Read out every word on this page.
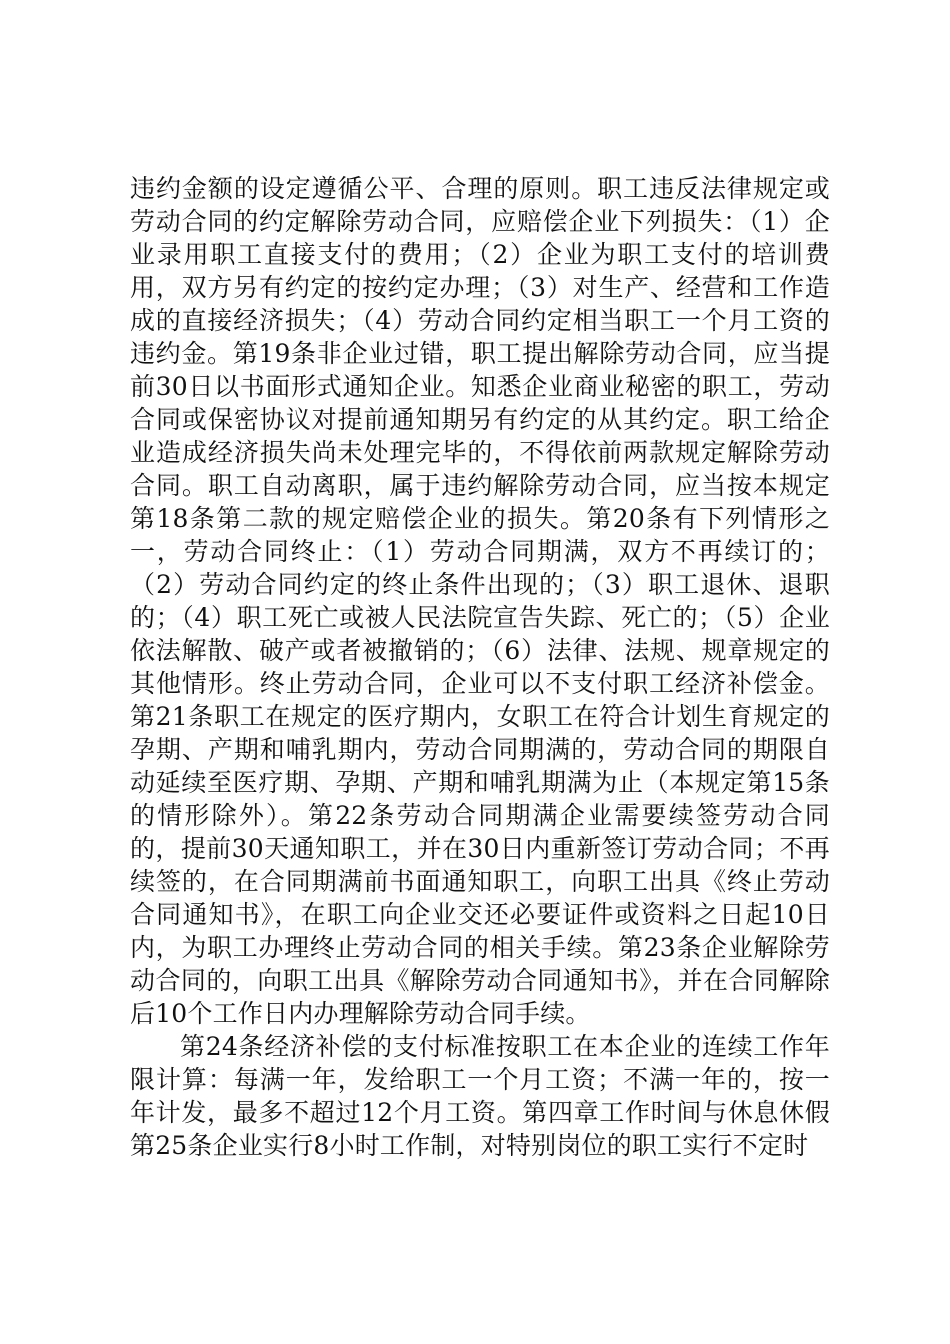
违约金额的设定遵循公平、合理的原则。职工违反法律规定或劳动合同的约定解除劳动合同，应赔偿企业下列损失：（1）企业录用职工直接支付的费用；（2）企业为职工支付的培训费用，双方另有约定的按约定办理；（3）对生产、经营和工作造成的直接经济损失；（4）劳动合同约定相当职工一个月工资的违约金。第19条非企业过错，职工提出解除劳动合同，应当提前30日以书面形式通知企业。知悉企业商业秘密的职工，劳动合同或保密协议对提前通知期另有约定的从其约定。职工给企业造成经济损失尚未处理完毕的，不得依前两款规定解除劳动合同。职工自动离职，属于违约解除劳动合同，应当按本规定第18条第二款的规定赔偿企业的损失。第20条有下列情形之一，劳动合同终止：（1）劳动合同期满，双方不再续订的；（2）劳动合同约定的终止条件出现的；（3）职工退休、退职的；（4）职工死亡或被人民法院宣告失踪、死亡的；（5）企业依法解散、破产或者被撤销的；（6）法律、法规、规章规定的其他情形。终止劳动合同，企业可以不支付职工经济补偿金。第21条职工在规定的医疗期内，女职工在符合计划生育规定的孕期、产期和哺乳期内，劳动合同期满的，劳动合同的期限自动延续至医疗期、孕期、产期和哺乳期满为止（本规定第15条的情形除外）。第22条劳动合同期满企业需要续签劳动合同的，提前30天通知职工，并在30日内重新签订劳动合同；不再续签的，在合同期满前书面通知职工，向职工出具《终止劳动合同通知书》，在职工向企业交还必要证件或资料之日起10日内，为职工办理终止劳动合同的相关手续。第23条企业解除劳动合同的，向职工出具《解除劳动合同通知书》，并在合同解除后10个工作日内办理解除劳动合同手续。

第24条经济补偿的支付标准按职工在本企业的连续工作年限计算：每满一年，发给职工一个月工资；不满一年的，按一年计发，最多不超过12个月工资。第四章工作时间与休息休假第25条企业实行8小时工作制，对特别岗位的职工实行不定时
